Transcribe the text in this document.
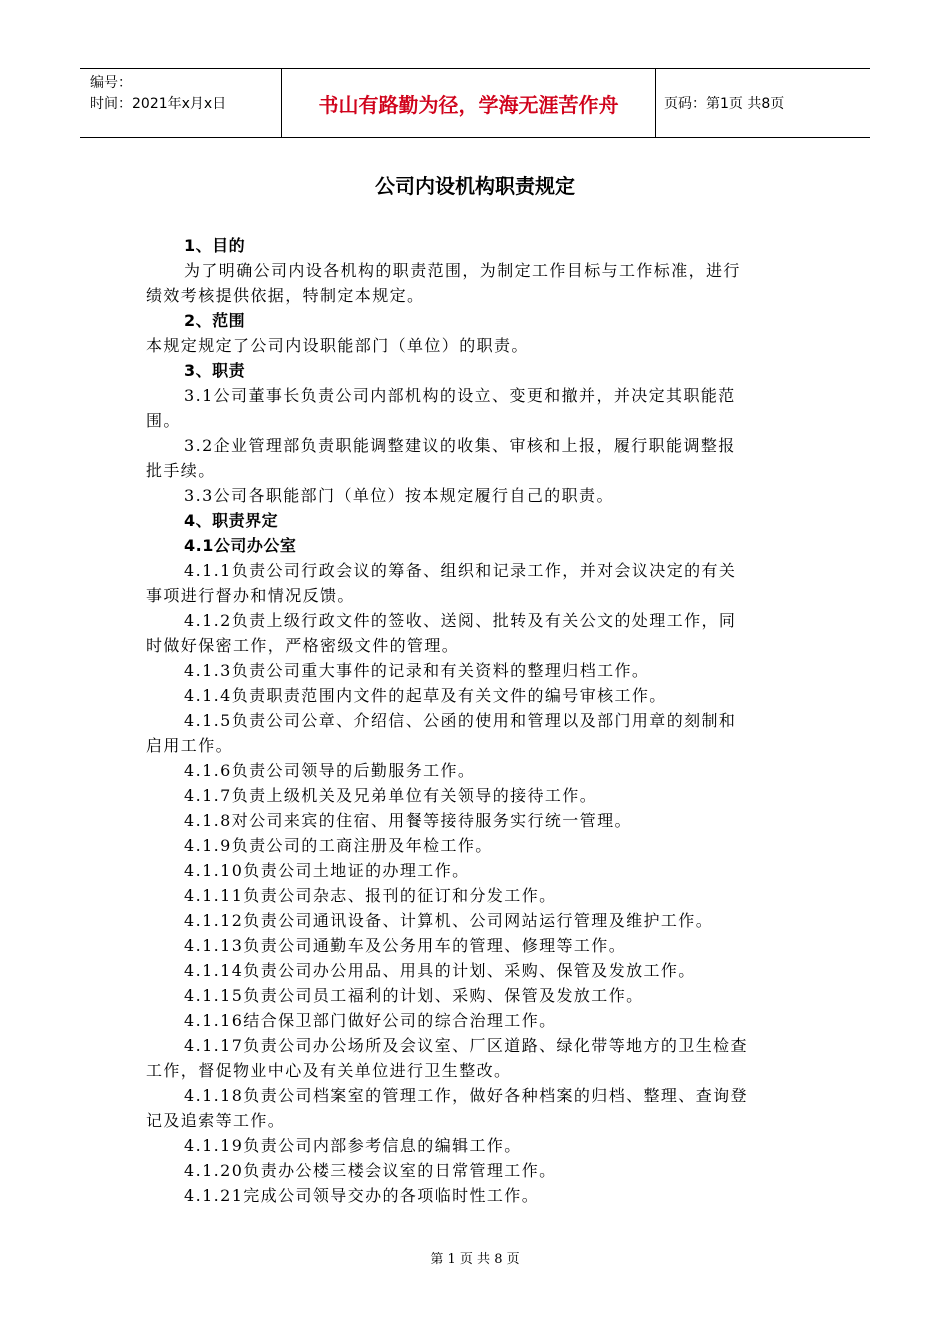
编号：
时间：2021年x月x日	书山有路勤为径，学海无涯苦作舟	页码：第1页 共8页
公司内设机构职责规定
1、目的
为了明确公司内设各机构的职责范围，为制定工作目标与工作标准，进行
绩效考核提供依据，特制定本规定。
2、范围
本规定规定了公司内设职能部门（单位）的职责。
3、职责
3.1公司董事长负责公司内部机构的设立、变更和撤并，并决定其职能范
围。
3.2企业管理部负责职能调整建议的收集、审核和上报，履行职能调整报
批手续。
3.3公司各职能部门（单位）按本规定履行自己的职责。
4、职责界定
4.1公司办公室
4.1.1负责公司行政会议的筹备、组织和记录工作，并对会议决定的有关
事项进行督办和情况反馈。
4.1.2负责上级行政文件的签收、送阅、批转及有关公文的处理工作，同
时做好保密工作，严格密级文件的管理。
4.1.3负责公司重大事件的记录和有关资料的整理归档工作。
4.1.4负责职责范围内文件的起草及有关文件的编号审核工作。
4.1.5负责公司公章、介绍信、公函的使用和管理以及部门用章的刻制和
启用工作。
4.1.6负责公司领导的后勤服务工作。
4.1.7负责上级机关及兄弟单位有关领导的接待工作。
4.1.8对公司来宾的住宿、用餐等接待服务实行统一管理。
4.1.9负责公司的工商注册及年检工作。
4.1.10负责公司土地证的办理工作。
4.1.11负责公司杂志、报刊的征订和分发工作。
4.1.12负责公司通讯设备、计算机、公司网站运行管理及维护工作。
4.1.13负责公司通勤车及公务用车的管理、修理等工作。
4.1.14负责公司办公用品、用具的计划、采购、保管及发放工作。
4.1.15负责公司员工福利的计划、采购、保管及发放工作。
4.1.16结合保卫部门做好公司的综合治理工作。
4.1.17负责公司办公场所及会议室、厂区道路、绿化带等地方的卫生检查
工作，督促物业中心及有关单位进行卫生整改。
4.1.18负责公司档案室的管理工作，做好各种档案的归档、整理、查询登
记及追索等工作。
4.1.19负责公司内部参考信息的编辑工作。
4.1.20负责办公楼三楼会议室的日常管理工作。
4.1.21完成公司领导交办的各项临时性工作。
第 1 页 共 8 页
